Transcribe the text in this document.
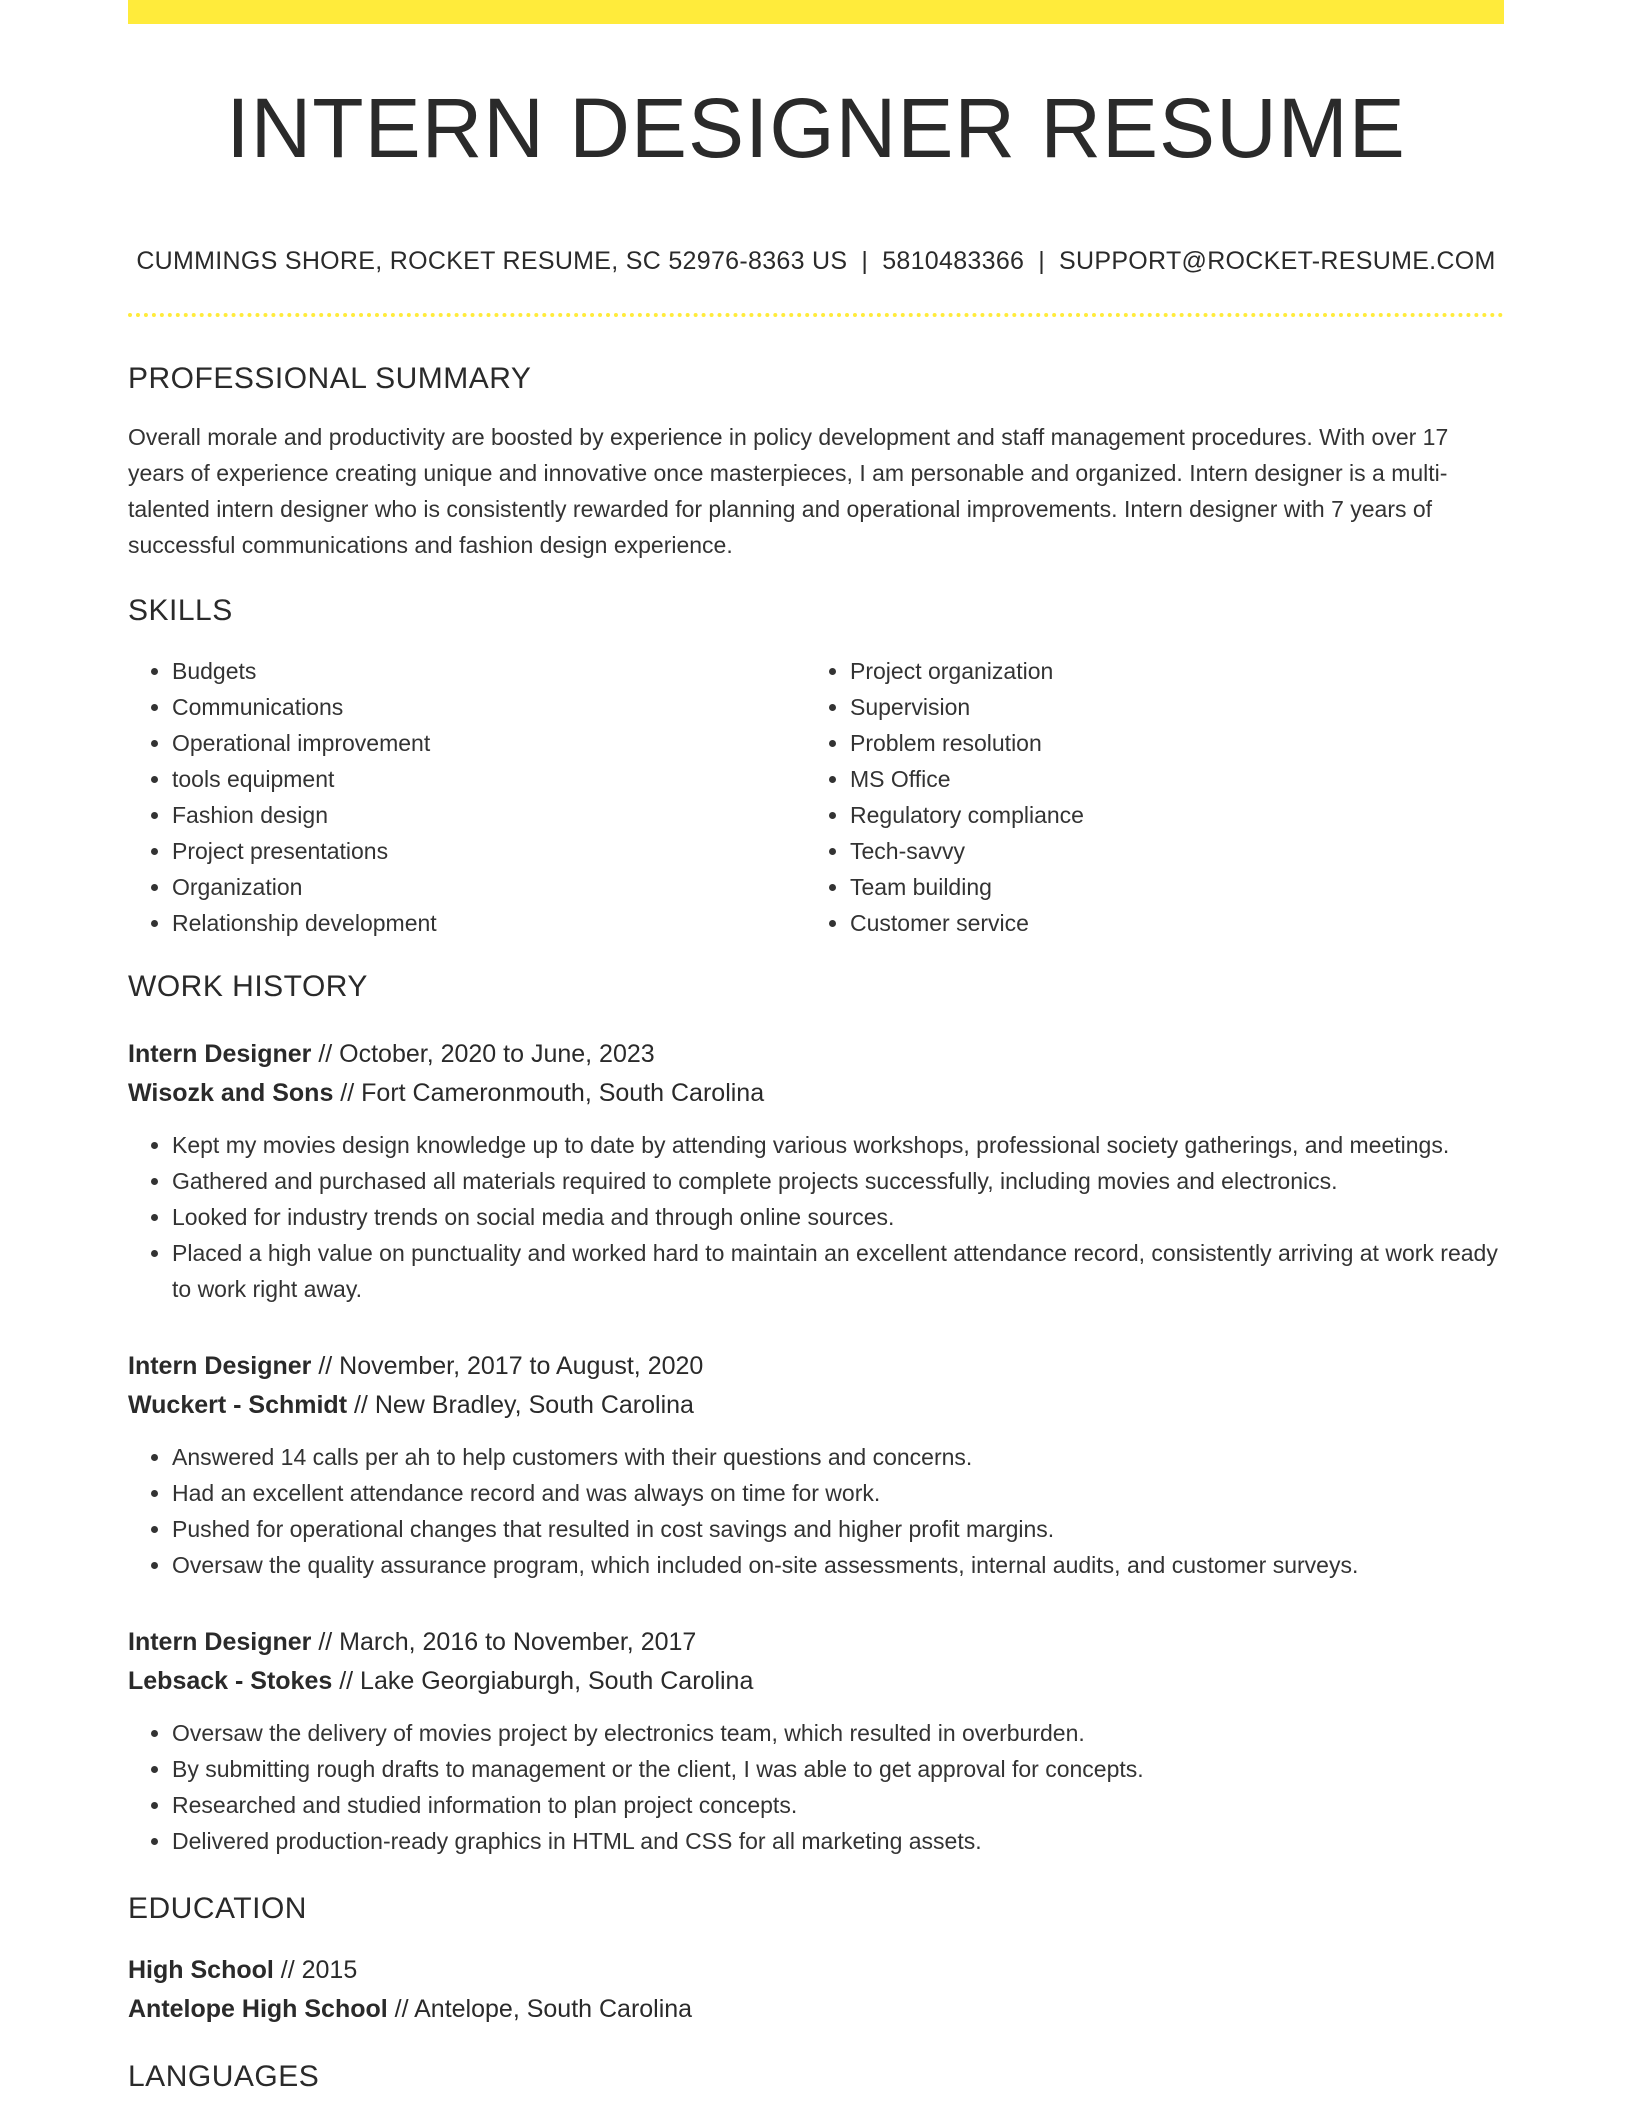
INTERN DESIGNER RESUME
CUMMINGS SHORE, ROCKET RESUME, SC 52976-8363 US | 5810483366 | SUPPORT@ROCKET-RESUME.COM
PROFESSIONAL SUMMARY

Overall morale and productivity are boosted by experience in policy development and staff management procedures. With over 17 years of experience creating unique and innovative once masterpieces, I am personable and organized. Intern designer is a multi-talented intern designer who is consistently rewarded for planning and operational improvements. Intern designer with 7 years of successful communications and fashion design experience.

SKILLS
• Budgets
• Communications
• Operational improvement
• tools equipment
• Fashion design
• Project presentations
• Organization
• Relationship development
• Project organization
• Supervision
• Problem resolution
• MS Office
• Regulatory compliance
• Tech-savvy
• Team building
• Customer service
WORK HISTORY
Intern Designer // October, 2020 to June, 2023
Wisozk and Sons // Fort Cameronmouth, South Carolina
• Kept my movies design knowledge up to date by attending various workshops, professional society gatherings, and meetings.
• Gathered and purchased all materials required to complete projects successfully, including movies and electronics.
• Looked for industry trends on social media and through online sources.
• Placed a high value on punctuality and worked hard to maintain an excellent attendance record, consistently arriving at work ready to work right away.
Intern Designer // November, 2017 to August, 2020
Wuckert - Schmidt // New Bradley, South Carolina
• Answered 14 calls per ah to help customers with their questions and concerns.
• Had an excellent attendance record and was always on time for work.
• Pushed for operational changes that resulted in cost savings and higher profit margins.
• Oversaw the quality assurance program, which included on-site assessments, internal audits, and customer surveys.
Intern Designer // March, 2016 to November, 2017
Lebsack - Stokes // Lake Georgiaburgh, South Carolina
• Oversaw the delivery of movies project by electronics team, which resulted in overburden.
• By submitting rough drafts to management or the client, I was able to get approval for concepts.
• Researched and studied information to plan project concepts.
• Delivered production-ready graphics in HTML and CSS for all marketing assets.
EDUCATION
High School // 2015
Antelope High School // Antelope, South Carolina
LANGUAGES
